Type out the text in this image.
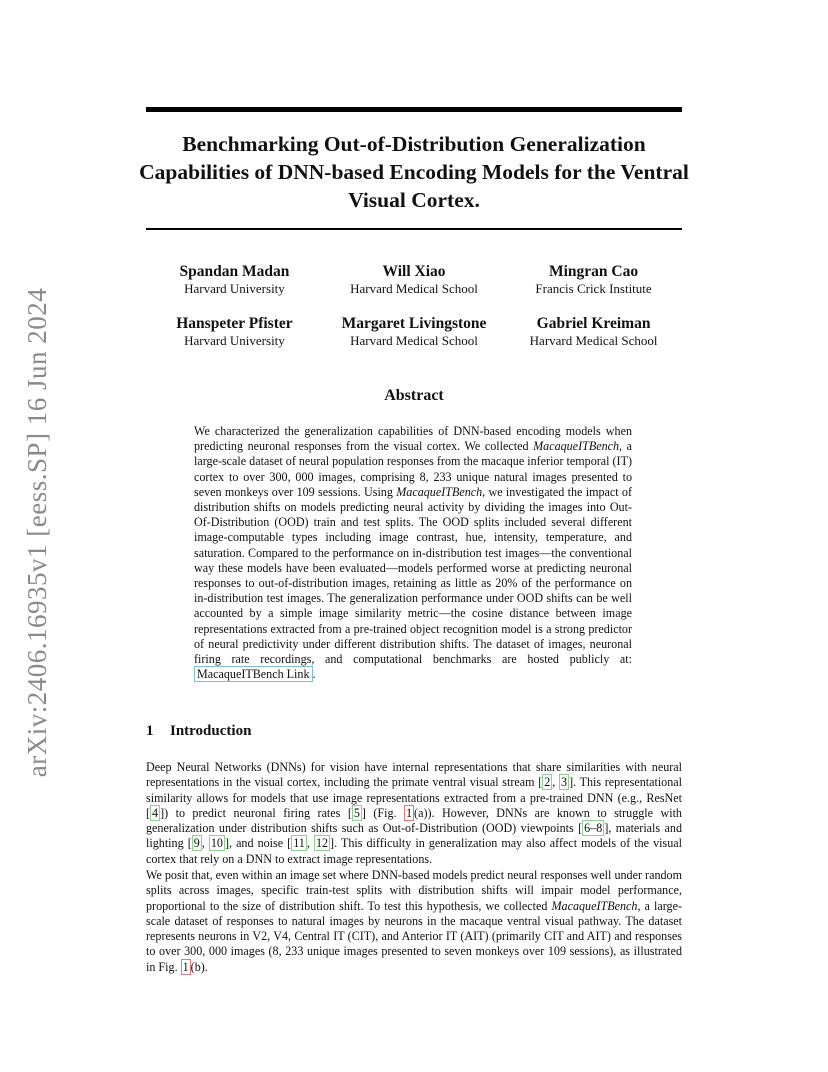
arXiv:2406.16935v1 [eess.SP] 16 Jun 2024
Benchmarking Out-of-Distribution Generalization Capabilities of DNN-based Encoding Models for the Ventral Visual Cortex.
Spandan Madan
Harvard University
Will Xiao
Harvard Medical School
Mingran Cao
Francis Crick Institute
Hanspeter Pfister
Harvard University
Margaret Livingstone
Harvard Medical School
Gabriel Kreiman
Harvard Medical School
Abstract
We characterized the generalization capabilities of DNN-based encoding models when predicting neuronal responses from the visual cortex. We collected MacaqueITBench, a large-scale dataset of neural population responses from the macaque inferior temporal (IT) cortex to over 300, 000 images, comprising 8, 233 unique natural images presented to seven monkeys over 109 sessions. Using MacaqueITBench, we investigated the impact of distribution shifts on models predicting neural activity by dividing the images into Out-Of-Distribution (OOD) train and test splits. The OOD splits included several different image-computable types including image contrast, hue, intensity, temperature, and saturation. Compared to the performance on in-distribution test images—the conventional way these models have been evaluated—models performed worse at predicting neuronal responses to out-of-distribution images, retaining as little as 20% of the performance on in-distribution test images. The generalization performance under OOD shifts can be well accounted by a simple image similarity metric—the cosine distance between image representations extracted from a pre-trained object recognition model is a strong predictor of neural predictivity under different distribution shifts. The dataset of images, neuronal firing rate recordings, and computational benchmarks are hosted publicly at: MacaqueITBench Link .
1 Introduction
Deep Neural Networks (DNNs) for vision have internal representations that share similarities with neural representations in the visual cortex, including the primate ventral visual stream [ 2 , 3 ]. This representational similarity allows for models that use image representations extracted from a pre-trained DNN (e.g., ResNet [ 4 ]) to predict neuronal firing rates [ 5 ] (Fig. 1 (a)). However, DNNs are known to struggle with generalization under distribution shifts such as Out-of-Distribution (OOD) viewpoints [ 6–8 ], materials and lighting [ 9 , 10 ], and noise [ 11 , 12 ]. This difficulty in generalization may also affect models of the visual cortex that rely on a DNN to extract image representations.
We posit that, even within an image set where DNN-based models predict neural responses well under random splits across images, specific train-test splits with distribution shifts will impair model performance, proportional to the size of distribution shift. To test this hypothesis, we collected MacaqueITBench, a large-scale dataset of responses to natural images by neurons in the macaque ventral visual pathway. The dataset represents neurons in V2, V4, Central IT (CIT), and Anterior IT (AIT) (primarily CIT and AIT) and responses to over 300, 000 images (8, 233 unique images presented to seven monkeys over 109 sessions), as illustrated in Fig. 1 (b).
